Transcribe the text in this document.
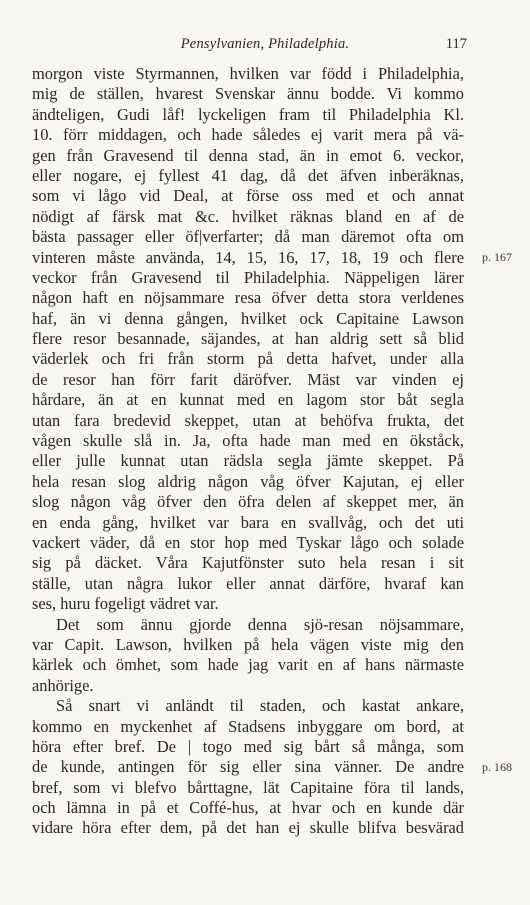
Pensylvanien, Philadelphia.	117
morgon viste Styrmannen, hvilken var född i Philadelphia,
mig de ställen, hvarest Svenskar ännu bodde. Vi kommo
ändteligen, Gudi låf! lyckeligen fram til Philadelphia Kl.
10. förr middagen, och hade således ej varit mera på vä-
gen från Gravesend til denna stad, än in emot 6. veckor,
eller nogare, ej fyllest 41 dag, då det äfven inberäknas,
som vi lågo vid Deal, at förse oss med et och annat
nödigt af färsk mat &c. hvilket räknas bland en af de
bästa passager eller öf|verfarter; då man däremot ofta om
vinteren måste använda, 14, 15, 16, 17, 18, 19 och flere
veckor från Gravesend til Philadelphia. Näppeligen lärer
någon haft en nöjsammare resa öfver detta stora verldenes
haf, än vi denna gången, hvilket ock Capitaine Lawson
flere resor besannade, säjandes, at han aldrig sett så blid
väderlek och fri från storm på detta hafvet, under alla
de resor han förr farit däröfver. Mäst var vinden ej
hårdare, än at en kunnat med en lagom stor båt segla
utan fara bredevid skeppet, utan at behöfva frukta, det
vågen skulle slå in. Ja, ofta hade man med en ökståck,
eller julle kunnat utan rädsla segla jämte skeppet. På
hela resan slog aldrig någon våg öfver Kajutan, ej eller
slog någon våg öfver den öfra delen af skeppet mer, än
en enda gång, hvilket var bara en svallvåg, och det uti
vackert väder, då en stor hop med Tyskar lågo och solade
sig på däcket. Våra Kajutfönster suto hela resan i sit
ställe, utan några lukor eller annat därföre, hvaraf kan
ses, huru fogeligt vädret var.
Det som ännu gjorde denna sjö-resan nöjsammare,
var Capit. Lawson, hvilken på hela vägen viste mig den
kärlek och ömhet, som hade jag varit en af hans närmaste
anhörige.
Så snart vi anländt til staden, och kastat ankare,
kommo en myckenhet af Stadsens inbyggare om bord, at
höra efter bref. De | togo med sig bårt så många, som
de kunde, antingen för sig eller sina vänner. De andre
bref, som vi blefvo bårttagne, lät Capitaine föra til lands,
och lämna in på et Coffé-hus, at hvar och en kunde där
vidare höra efter dem, på det han ej skulle blifva besvärad
p. 167
p. 168
